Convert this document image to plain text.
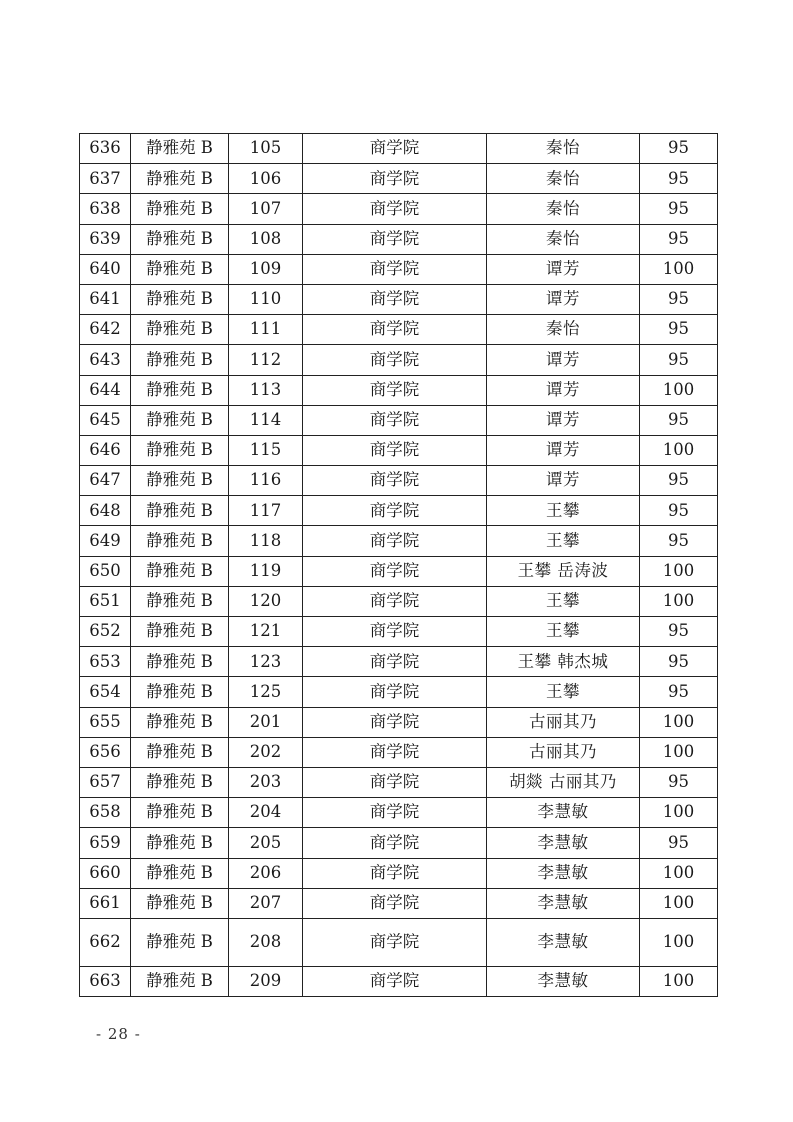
636	静雅苑 B	105	商学院	秦怡	95
637	静雅苑 B	106	商学院	秦怡	95
638	静雅苑 B	107	商学院	秦怡	95
639	静雅苑 B	108	商学院	秦怡	95
640	静雅苑 B	109	商学院	谭芳	100
641	静雅苑 B	110	商学院	谭芳	95
642	静雅苑 B	111	商学院	秦怡	95
643	静雅苑 B	112	商学院	谭芳	95
644	静雅苑 B	113	商学院	谭芳	100
645	静雅苑 B	114	商学院	谭芳	95
646	静雅苑 B	115	商学院	谭芳	100
647	静雅苑 B	116	商学院	谭芳	95
648	静雅苑 B	117	商学院	王攀	95
649	静雅苑 B	118	商学院	王攀	95
650	静雅苑 B	119	商学院	王攀 岳涛波	100
651	静雅苑 B	120	商学院	王攀	100
652	静雅苑 B	121	商学院	王攀	95
653	静雅苑 B	123	商学院	王攀 韩杰城	95
654	静雅苑 B	125	商学院	王攀	95
655	静雅苑 B	201	商学院	古丽其乃	100
656	静雅苑 B	202	商学院	古丽其乃	100
657	静雅苑 B	203	商学院	胡燚 古丽其乃	95
658	静雅苑 B	204	商学院	李慧敏	100
659	静雅苑 B	205	商学院	李慧敏	95
660	静雅苑 B	206	商学院	李慧敏	100
661	静雅苑 B	207	商学院	李慧敏	100
662	静雅苑 B	208	商学院	李慧敏	100
663	静雅苑 B	209	商学院	李慧敏	100
- 28 -
